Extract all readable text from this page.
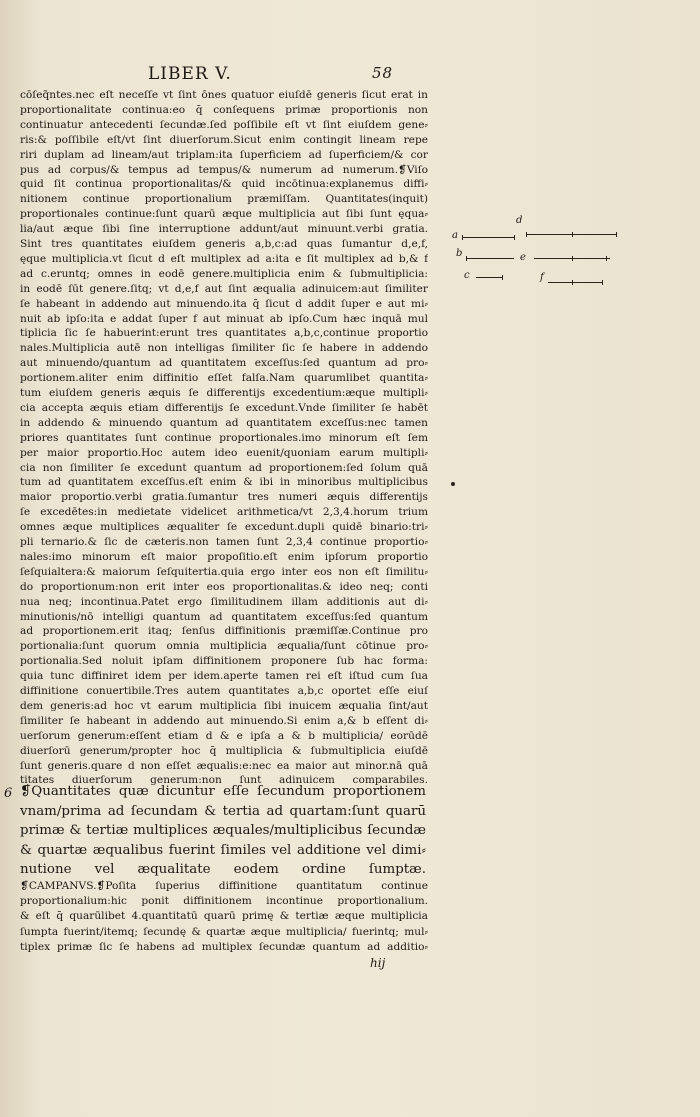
LIBER V.	58
cōſeq̃ntes.nec eſt neceſſe vt ſint ōnes quatuor eiuſdē generis ſicut erat in
proportionalitate continua:eo q̄ conſequens primæ proportionis non
continuatur antecedenti ſecundæ.ſed poſſibile eſt vt ſint eiuſdem gene⸗
ris:& poſſibile eſt/vt ſint diuerſorum.Sicut enim contingit lineam repe
riri duplam ad lineam/aut triplam:ita ſuperficiem ad ſuperficiem/& cor
pus ad corpus/& tempus ad tempus/& numerum ad numerum.❡Viſo
quid ſit continua proportionalitas/& quid incōtinua:explanemus diffi⸗
nitionem continue proportionalium præmiſſam. Quantitates(inquit)
proportionales continue:ſunt quarū æque multiplicia aut ſibi ſunt ęqua⸗
lia/aut æque ſibi ſine interruptione addunt/aut minuunt.verbi gratia.
Sint tres quantitates eiuſdem generis a,b,c:ad quas ſumantur d,e,f,
ęque multiplicia.vt ſicut d eſt multiplex ad a:ita e ſit multiplex ad b,& f
ad c.eruntq; omnes in eodē genere.multiplicia enim & ſubmultiplicia:
in eodē ſūt genere.ſitq; vt d,e,f aut ſint æqualia adinuicem:aut ſimiliter
ſe habeant in addendo aut minuendo.ita q̄ ſicut d addit ſuper e aut mi⸗
nuit ab ipſo:ita e addat ſuper f aut minuat ab ipſo.Cum hæc inquā mul
tiplicia ſic ſe habuerint:erunt tres quantitates a,b,c,continue proportio
nales.Multiplicia autē non intelligas ſimiliter ſic ſe habere in addendo
aut minuendo/quantum ad quantitatem exceſſus:ſed quantum ad pro⸗
portionem.aliter enim diffinitio eſſet falſa.Nam quarumlibet quantita⸗
tum eiuſdem generis æquis ſe differentijs excedentium:æque multipli⸗
cia accepta æquis etiam differentijs ſe excedunt.Vnde ſimiliter ſe habēt
in addendo & minuendo quantum ad quantitatem exceſſus:nec tamen
priores quantitates ſunt continue proportionales.imo minorum eſt ſem
per maior proportio.Hoc autem ideo euenit/quoniam earum multipli⸗
cia non ſimiliter ſe excedunt quantum ad proportionem:ſed ſolum quā
tum ad quantitatem exceſſus.eſt enim & ibi in minoribus multiplicibus
maior proportio.verbi gratia.ſumantur tres numeri æquis differentijs
ſe excedētes:in medietate videlicet arithmetica/vt 2,3,4.horum trium
omnes æque multiplices æqualiter ſe excedunt.dupli quidē binario:tri⸗
pli ternario.& ſic de cæteris.non tamen ſunt 2,3,4 continue proportio⸗
nales:imo minorum eſt maior propoſitio.eſt enim ipſorum proportio
ſeſquialtera:& maiorum ſeſquitertia.quia ergo inter eos non eſt ſimilitu⸗
do proportionum:non erit inter eos proportionalitas.& ideo neq; conti
nua neq; incontinua.Patet ergo ſimilitudinem illam additionis aut di⸗
minutionis/nō intelligi quantum ad quantitatem exceſſus:ſed quantum
ad proportionem.erit itaq; ſenſus diffinitionis præmiſſæ.Continue pro
portionalia:ſunt quorum omnia multiplicia æqualia/ſunt cōtinue pro⸗
portionalia.Sed noluit ipſam diffinitionem proponere ſub hac forma:
quia tunc diffiniret idem per idem.aperte tamen rei eſt iſtud cum ſua
diffinitione conuertibile.Tres autem quantitates a,b,c oportet eſſe eiuſ
dem generis:ad hoc vt earum multiplicia ſibi inuicem æqualia ſint/aut
ſimiliter ſe habeant in addendo aut minuendo.Si enim a,& b eſſent di⸗
uerſorum generum:eſſent etiam d & e ipſa a & b multiplicia/ eorūdē
diuerſorū generum/propter hoc q̄ multiplicia & ſubmultiplicia eiuſdē
ſunt generis.quare d non eſſet æqualis:e:nec ea maior aut minor.nā quā
titates diuerſorum generum:non ſunt adinuicem comparabiles.
❡Quantitates quæ dicuntur eſſe ſecundum proportionem
vnam/prima ad ſecundam & tertia ad quartam:ſunt quarū
primæ & tertiæ multiplices æquales/multiplicibus ſecundæ
& quartæ æqualibus fuerint ſimiles vel additione vel dimi⸗
nutione vel æqualitate eodem ordine ſumptæ.
❡CAMPANVS.❡Poſita ſuperius diffinitione quantitatum continue
proportionalium:hic ponit diffinitionem incontinue proportionalium.
& eſt q̄ quarūlibet 4.quantitatū quarū primę & tertiæ æque multiplicia
ſumpta fuerint/itemq; ſecundę & quartæ æque multiplicia/ fuerintq; mul⸗
tiplex primæ ſic ſe habens ad multiplex ſecundæ quantum ad additio⸗
6
a
d
b	e
c	f
hij
